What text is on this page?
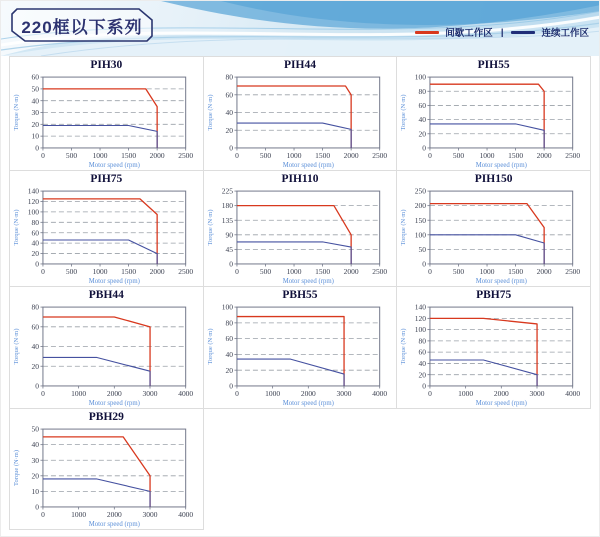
220框以下系列	间歇工作区 |	连续工作区
PIH30
0
10
20
30
40
50
60
0	500 1000 1500 2000 2500
Motor speed (rpm)
Torque (N·m)
PIH44
0
20
40
60
80
0	500 1000 1500 2000 2500
Motor speed (rpm)
Torque (N·m)
PIH55
0
20
40
60
80
100
0	500 1000 1500 2000 2500
Motor speed (rpm)
Torque (N·m)
PIH75
0
20
40
60
80
100
120
140
0	500 1000 1500 2000 2500
Motor speed (rpm)
Torque (N·m)
PIH110
0
45
90
135
180
225
0	500 1000 1500 2000 2500
Motor speed (rpm)
Torque (N·m)
PIH150
0
50
100
150
200
250
0	500 1000 1500 2000 2500
Motor speed (rpm)
Torque (N·m)
PBH44
0
20
40
60
80
0	1000	2000	3000	4000
Motor speed (rpm)
Torque (N·m)
PBH55
0
20
40
60
80
100
0	1000	2000	3000	4000
Motor speed (rpm)
Torque (N·m)
PBH75
0
20
40
60
80
100
120
140
0	1000	2000	3000	4000
Motor speed (rpm)
Torque (N·m)
PBH29
0
10
20
30
40
50
0	1000	2000	3000	4000
Motor speed (rpm)
Torque (N·m)
